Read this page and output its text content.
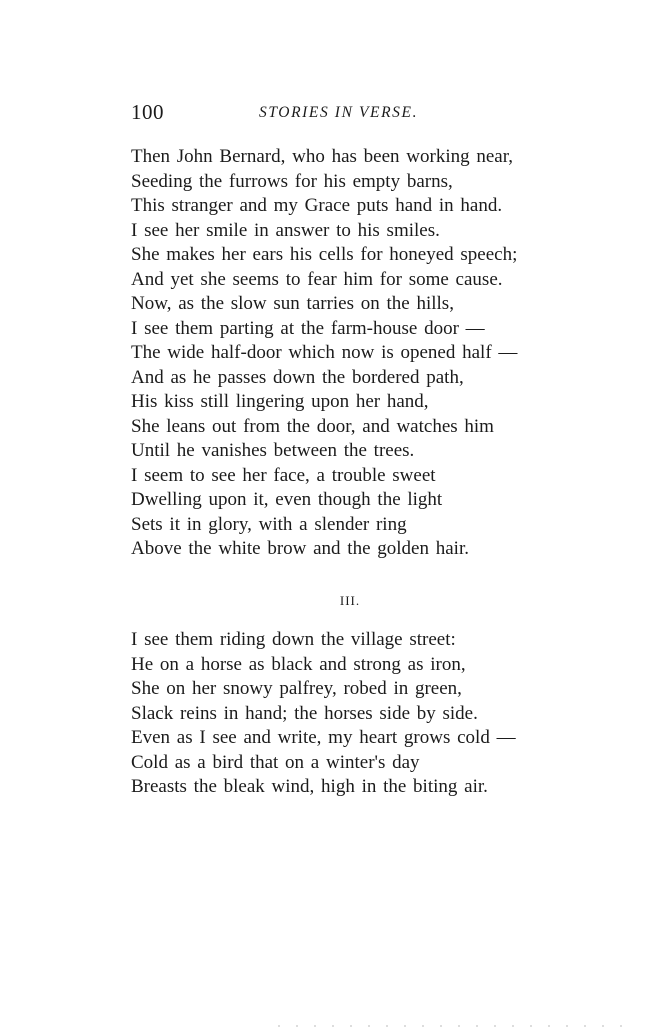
100	STORIES IN VERSE.
Then John Bernard, who has been working near,
Seeding the furrows for his empty barns,
This stranger and my Grace puts hand in hand.
I see her smile in answer to his smiles.
She makes her ears his cells for honeyed speech;
And yet she seems to fear him for some cause.
Now, as the slow sun tarries on the hills,
I see them parting at the farm-house door —
The wide half-door which now is opened half —
And as he passes down the bordered path,
His kiss still lingering upon her hand,
She leans out from the door, and watches him
Until he vanishes between the trees.
I seem to see her face, a trouble sweet
Dwelling upon it, even though the light
Sets it in glory, with a slender ring
Above the white brow and the golden hair.
III.
I see them riding down the village street:
He on a horse as black and strong as iron,
She on her snowy palfrey, robed in green,
Slack reins in hand; the horses side by side.
Even as I see and write, my heart grows cold —
Cold as a bird that on a winter's day
Breasts the bleak wind, high in the biting air.
